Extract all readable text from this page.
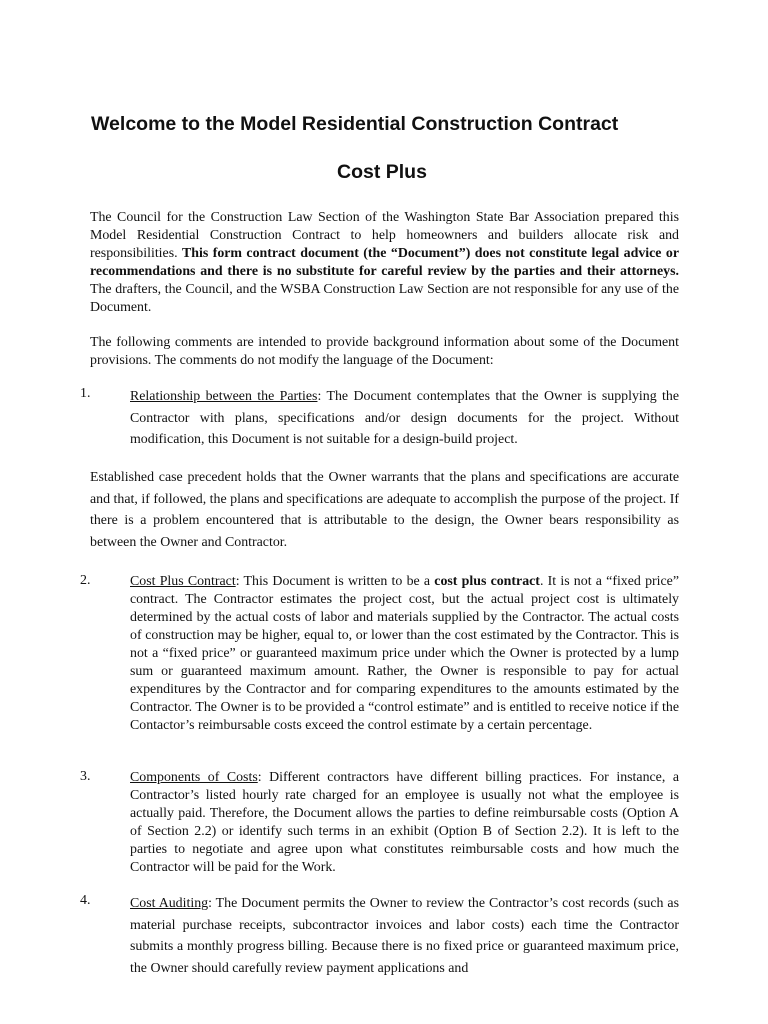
Welcome to the Model Residential Construction Contract
Cost Plus

The Council for the Construction Law Section of the Washington State Bar Association prepared this Model Residential Construction Contract to help homeowners and builders allocate risk and responsibilities. This form contract document (the “Document”) does not constitute legal advice or recommendations and there is no substitute for careful review by the parties and their attorneys. The drafters, the Council, and the WSBA Construction Law Section are not responsible for any use of the Document.

The following comments are intended to provide background information about some of the Document provisions. The comments do not modify the language of the Document:

1.	Relationship between the Parties: The Document contemplates that the Owner is supplying the Contractor with plans, specifications and/or design documents for the project. Without modification, this Document is not suitable for a design-build project.

Established case precedent holds that the Owner warrants that the plans and specifications are accurate and that, if followed, the plans and specifications are adequate to accomplish the purpose of the project. If there is a problem encountered that is attributable to the design, the Owner bears responsibility as between the Owner and Contractor.

2.	Cost Plus Contract: This Document is written to be a cost plus contract. It is not a “fixed price” contract. The Contractor estimates the project cost, but the actual project cost is ultimately determined by the actual costs of labor and materials supplied by the Contractor. The actual costs of construction may be higher, equal to, or lower than the cost estimated by the Contractor. This is not a “fixed price” or guaranteed maximum price under which the Owner is protected by a lump sum or guaranteed maximum amount. Rather, the Owner is responsible to pay for actual expenditures by the Contractor and for comparing expenditures to the amounts estimated by the Contractor. The Owner is to be provided a “control estimate” and is entitled to receive notice if the Contactor’s reimbursable costs exceed the control estimate by a certain percentage.
3.	Components of Costs: Different contractors have different billing practices. For instance, a Contractor’s listed hourly rate charged for an employee is usually not what the employee is actually paid. Therefore, the Document allows the parties to define reimbursable costs (Option A of Section 2.2) or identify such terms in an exhibit (Option B of Section 2.2). It is left to the parties to negotiate and agree upon what constitutes reimbursable costs and how much the Contractor will be paid for the Work.
4.	Cost Auditing: The Document permits the Owner to review the Contractor’s cost records (such as material purchase receipts, subcontractor invoices and labor costs) each time the Contractor submits a monthly progress billing. Because there is no fixed price or guaranteed maximum price, the Owner should carefully review payment applications and
